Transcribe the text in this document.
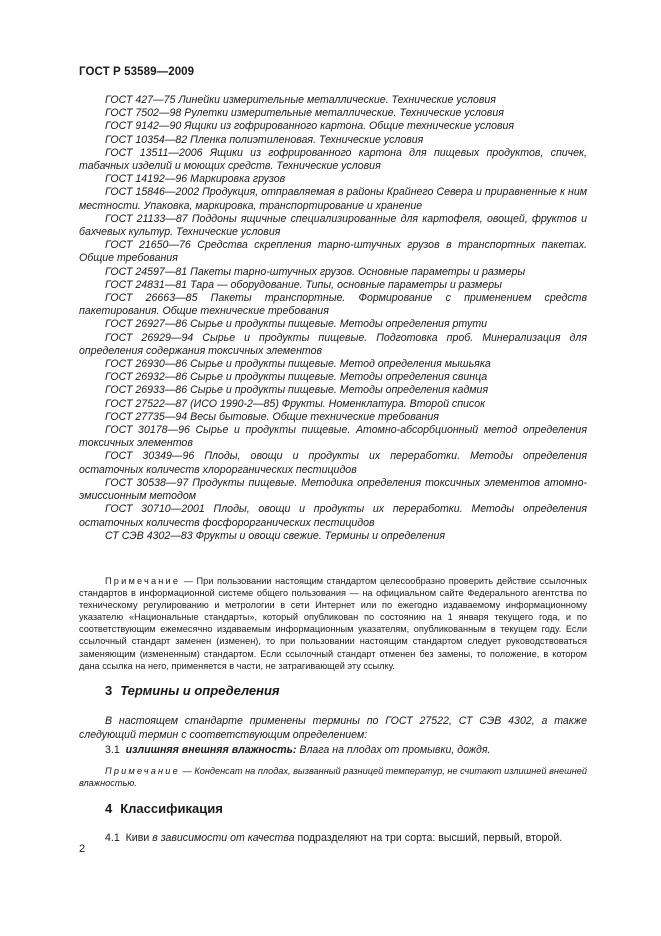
ГОСТ Р 53589—2009

ГОСТ 427—75 Линейки измерительные металлические. Технические условия

ГОСТ 7502—98 Рулетки измерительные металлические. Технические условия

ГОСТ 9142—90 Ящики из гофрированного картона. Общие технические условия

ГОСТ 10354—82 Пленка полиэтиленовая. Технические условия

ГОСТ 13511—2006 Ящики из гофрированного картона для пищевых продуктов, спичек, табачных изделий и моющих средств. Технические условия

ГОСТ 14192—96 Маркировка грузов

ГОСТ 15846—2002 Продукция, отправляемая в районы Крайнего Севера и приравненные к ним местности. Упаковка, маркировка, транспортирование и хранение

ГОСТ 21133—87 Поддоны ящичные специализированные для картофеля, овощей, фруктов и бахчевых культур. Технические условия

ГОСТ 21650—76 Средства скрепления тарно-штучных грузов в транспортных пакетах. Общие требования

ГОСТ 24597—81 Пакеты тарно-штучных грузов. Основные параметры и размеры

ГОСТ 24831—81 Тара — оборудование. Типы, основные параметры и размеры

ГОСТ 26663—85 Пакеты транспортные. Формирование с применением средств пакетирования. Общие технические требования

ГОСТ 26927—86 Сырье и продукты пищевые. Методы определения ртути

ГОСТ 26929—94 Сырье и продукты пищевые. Подготовка проб. Минерализация для определения содержания токсичных элементов

ГОСТ 26930—86 Сырье и продукты пищевые. Метод определения мышьяка

ГОСТ 26932—86 Сырье и продукты пищевые. Методы определения свинца

ГОСТ 26933—86 Сырье и продукты пищевые. Методы определения кадмия

ГОСТ 27522—87 (ИСО 1990-2—85) Фрукты. Номенклатура. Второй список

ГОСТ 27735—94 Весы бытовые. Общие технические требования

ГОСТ 30178—96 Сырье и продукты пищевые. Атомно-абсорбционный метод определения токсичных элементов

ГОСТ 30349—96 Плоды, овощи и продукты их переработки. Методы определения остаточных количеств хлорорганических пестицидов

ГОСТ 30538—97 Продукты пищевые. Методика определения токсичных элементов атомно-эмиссионным методом

ГОСТ 30710—2001 Плоды, овощи и продукты их переработки. Методы определения остаточных количеств фосфорорганических пестицидов

СТ СЭВ 4302—83 Фрукты и овощи свежие. Термины и определения

Примечание — При пользовании настоящим стандартом целесообразно проверить действие ссылочных стандартов в информационной системе общего пользования — на официальном сайте Федерального агентства по техническому регулированию и метрологии в сети Интернет или по ежегодно издаваемому информационному указателю «Национальные стандарты», который опубликован по состоянию на 1 января текущего года, и по соответствующим ежемесячно издаваемым информационным указателям, опубликованным в текущем году. Если ссылочный стандарт заменен (изменен), то при пользовании настоящим стандартом следует руководствоваться заменяющим (измененным) стандартом. Если ссылочный стандарт отменен без замены, то положение, в котором дана ссылка на него, применяется в части, не затрагивающей эту ссылку.

3 Термины и определения

В настоящем стандарте применены термины по ГОСТ 27522, СТ СЭВ 4302, а также следующий термин с соответствующим определением:

3.1 излишняя внешняя влажность: Влага на плодах от промывки, дождя.

Примечание — Конденсат на плодах, вызванный разницей температур, не считают излишней внешней влажностью.

4 Классификация

4.1 Киви в зависимости от качества подразделяют на три сорта: высший, первый, второй.

2
